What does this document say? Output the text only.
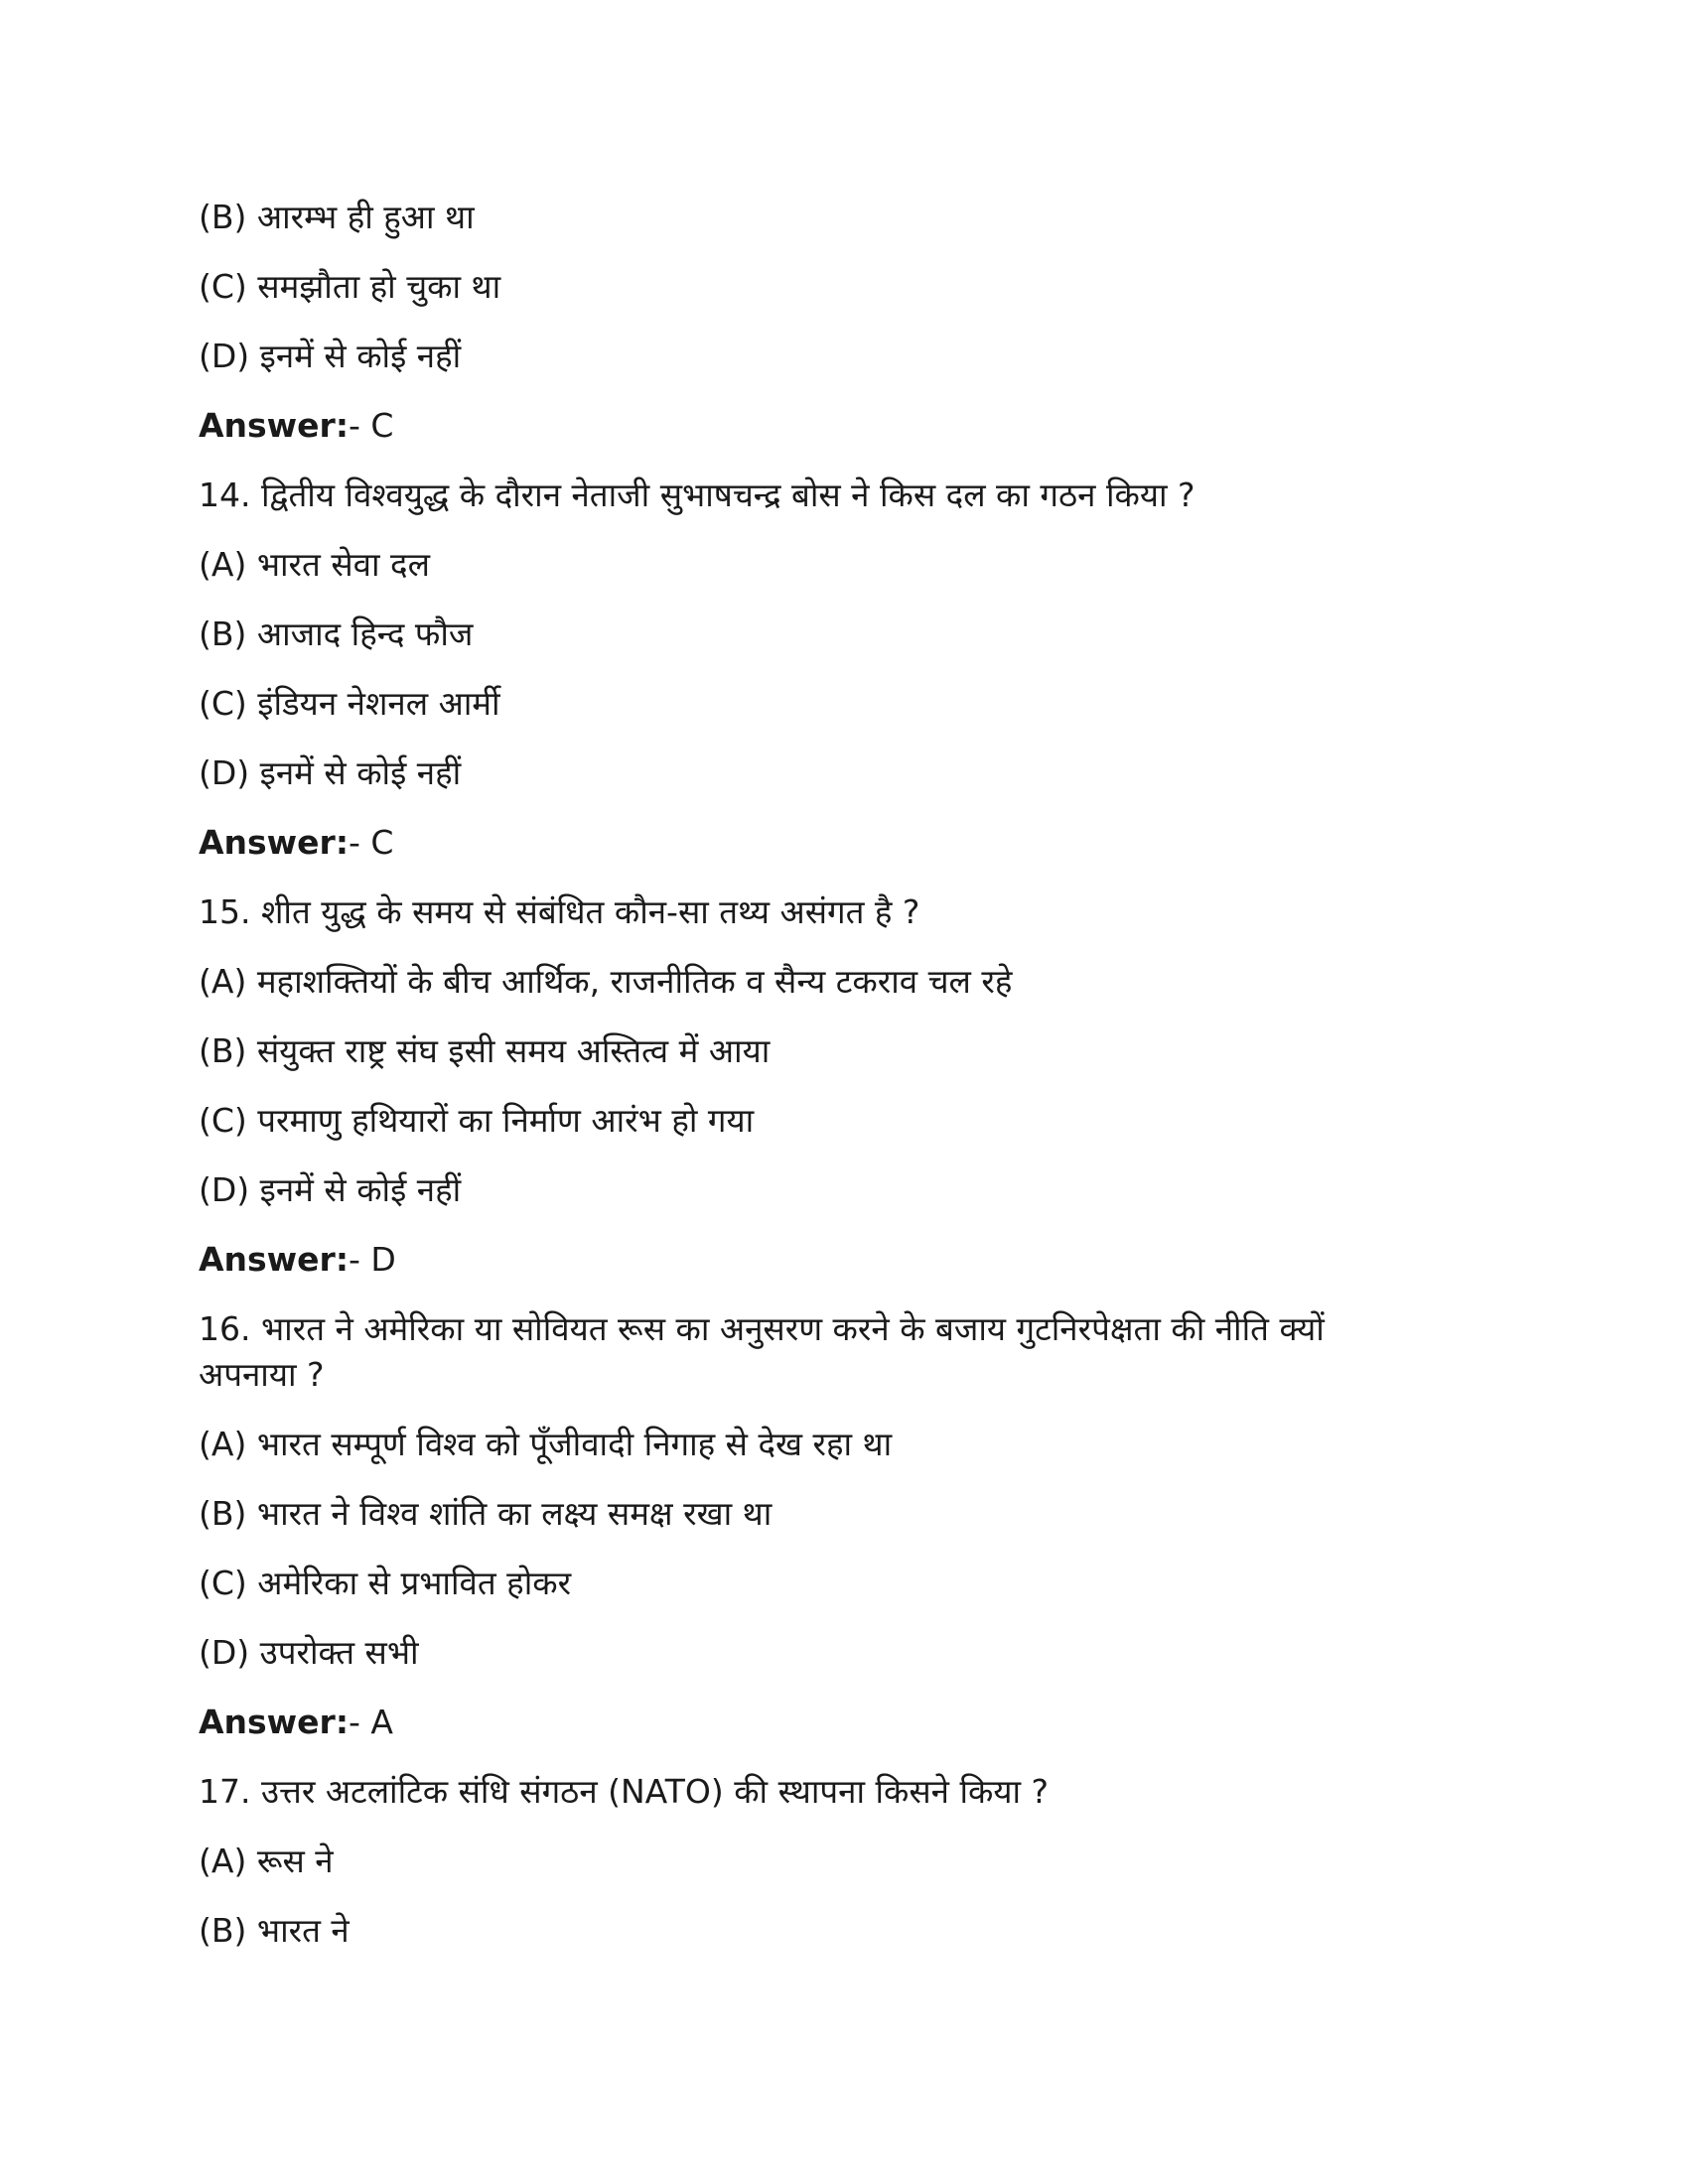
(B) आरम्भ ही हुआ था
(C) समझौता हो चुका था
(D) इनमें से कोई नहीं
Answer:- C
14. द्वितीय विश्वयुद्ध के दौरान नेताजी सुभाषचन्द्र बोस ने किस दल का गठन किया ?
(A) भारत सेवा दल
(B) आजाद हिन्द फौज
(C) इंडियन नेशनल आर्मी
(D) इनमें से कोई नहीं
Answer:- C
15. शीत युद्ध के समय से संबंधित कौन-सा तथ्य असंगत है ?
(A) महाशक्तियों के बीच आर्थिक, राजनीतिक व सैन्य टकराव चल रहे
(B) संयुक्त राष्ट्र संघ इसी समय अस्तित्व में आया
(C) परमाणु हथियारों का निर्माण आरंभ हो गया
(D) इनमें से कोई नहीं
Answer:- D
16. भारत ने अमेरिका या सोवियत रूस का अनुसरण करने के बजाय गुटनिरपेक्षता की नीति क्यों अपनाया ?
(A) भारत सम्पूर्ण विश्व को पूँजीवादी निगाह से देख रहा था
(B) भारत ने विश्व शांति का लक्ष्य समक्ष रखा था
(C) अमेरिका से प्रभावित होकर
(D) उपरोक्त सभी
Answer:- A
17. उत्तर अटलांटिक संधि संगठन (NATO) की स्थापना किसने किया ?
(A) रूस ने
(B) भारत ने
